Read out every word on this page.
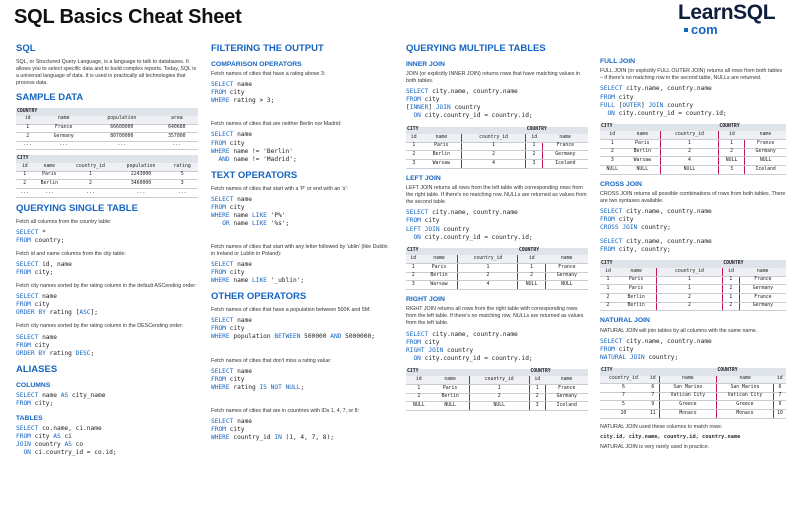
SQL Basics Cheat Sheet	LearnSQL
com
SQL
SQL, or Structured Query Language, is a language to talk to databases. It allows you to select specific data and to build complex reports. Today, SQL is a universal language of data. It is used in practically all technologies that process data.
SAMPLE DATA
COUNTRY			
id	name	population	area
1	France	66600000	640680
2	Germany	80700000	357000
...	...	...	...
CITY				
id	name	country_id	population	rating
1	Paris	1	2243000	5
2	Berlin	2	3460000	3
...	...	...	...	...
QUERYING SINGLE TABLE
Fetch all columns from the country table:
SELECT *
FROM country;
Fetch id and name columns from the city table:
SELECT id, name
FROM city;
Fetch city names sorted by the rating column in the default ASCending order:
SELECT name
FROM city
ORDER BY rating [ASC];
Fetch city names sorted by the rating column in the DESCending order:
SELECT name
FROM city
ORDER BY rating DESC;
ALIASES
COLUMNS
SELECT name AS city_name
FROM city;
TABLES
SELECT co.name, ci.name
FROM city AS ci
JOIN country AS co
ON ci.country_id = co.id;
FILTERING THE OUTPUT
COMPARISON OPERATORS
Fetch names of cities that have a rating above 3:
SELECT name
FROM city
WHERE rating > 3;
Fetch names of cities that are neither Berlin nor Madrid:
SELECT name
FROM city
WHERE name != 'Berlin'
AND name != 'Madrid';
TEXT OPERATORS
Fetch names of cities that start with a 'P' or end with an 's':
SELECT name
FROM city
WHERE name LIKE 'P%'
OR name LIKE '%s';
Fetch names of cities that start with any letter followed by 'ublin' (like Dublin in Ireland or Lublin in Poland):
SELECT name
FROM city
WHERE name LIKE '_ublin';
OTHER OPERATORS
Fetch names of cities that have a population between 500K and 5M:
SELECT name
FROM city
WHERE population BETWEEN 500000 AND 5000000;
Fetch names of cities that don't miss a rating value:
SELECT name
FROM city
WHERE rating IS NOT NULL;
Fetch names of cities that are in countries with IDs 1, 4, 7, or 8:
SELECT name
FROM city
WHERE country_id IN (1, 4, 7, 8);
QUERYING MULTIPLE TABLES
INNER JOIN
JOIN (or explicitly INNER JOIN) returns rows that have matching values in both tables.
SELECT city.name, country.name
FROM city
[INNER] JOIN country
ON city.country_id = country.id;
CITY			COUNTRY	
id	name	country_id	id	name
1	Paris	1	1	France
2	Berlin	2	2	Germany
3	Warsaw	4	3	Iceland
LEFT JOIN
LEFT JOIN returns all rows from the left table with corresponding rows from the right table. If there's no matching row, NULLs are returned as values from the second table.
SELECT city.name, country.name
FROM city
LEFT JOIN country
ON city.country_id = country.id;
CITY			COUNTRY	
id	name	country_id	id	name
1	Paris	1	1	France
2	Berlin	2	2	Germany
3	Warsaw	4	NULL	NULL
RIGHT JOIN
RIGHT JOIN returns all rows from the right table with corresponding rows from the left table. If there's no matching row, NULLs are returned as values from the left table.
SELECT city.name, country.name
FROM city
RIGHT JOIN country
ON city.country_id = country.id;
CITY			COUNTRY	
id	name	country_id	id	name
1	Paris	1	1	France
2	Berlin	2	2	Germany
NULL	NULL	NULL	3	Iceland
FULL JOIN
FULL JOIN (or explicitly FULL OUTER JOIN) returns all rows from both tables – if there's no matching row in the second table, NULLs are returned.
SELECT city.name, country.name
FROM city
FULL [OUTER] JOIN country
ON city.country_id = country.id;
CITY			COUNTRY	
id	name	country_id	id	name
1	Paris	1	1	France
2	Berlin	2	2	Germany
3	Warsaw	4	NULL	NULL
NULL	NULL	NULL	3	Iceland
CROSS JOIN
CROSS JOIN returns all possible combinations of rows from both tables. There are two syntaxes available.
SELECT city.name, country.name
FROM city
CROSS JOIN country;
SELECT city.name, country.name
FROM city, country;
CITY			COUNTRY	
id	name	country_id	id	name
1	Paris	1	1	France
1	Paris	1	2	Germany
2	Berlin	2	1	France
2	Berlin	2	2	Germany
NATURAL JOIN
NATURAL JOIN will join tables by all columns with the same name.
SELECT city.name, country.name
FROM city
NATURAL JOIN country;
CITY			COUNTRY	
country_id	id	name	name	id
6	6	San Marino	San Marino	6
7	7	Vatican City	Vatican City	7
5	9	Greece	Greece	9
10	11	Monaco	Monaco	10
NATURAL JOIN used these columns to match rows:
city.id, city.name, country.id, country.name
NATURAL JOIN is very rarely used in practice.
